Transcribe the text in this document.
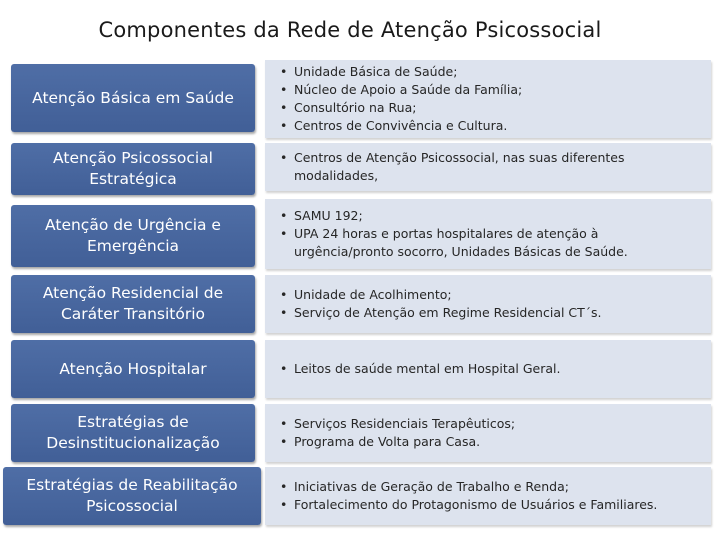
Componentes da Rede de Atenção Psicossocial
Atenção Básica em Saúde
• Unidade Básica de Saúde;
• Núcleo de Apoio a Saúde da Família;
• Consultório na Rua;
• Centros de Convivência e Cultura.
Atenção Psicossocial Estratégica
• Centros de Atenção Psicossocial, nas suas diferentes modalidades,
Atenção de Urgência e Emergência
• SAMU 192;
• UPA 24 horas e portas hospitalares de atenção à urgência/pronto socorro, Unidades Básicas de Saúde.
Atenção Residencial de Caráter Transitório
• Unidade de Acolhimento;
• Serviço de Atenção em Regime Residencial CT´s.
Atenção Hospitalar
•	Leitos de saúde mental em Hospital Geral.
Estratégias de Desinstitucionalização
• Serviços Residenciais Terapêuticos;
• Programa de Volta para Casa.
Estratégias de Reabilitação Psicossocial
• Iniciativas de Geração de Trabalho e Renda;
• Fortalecimento do Protagonismo de Usuários e Familiares.
